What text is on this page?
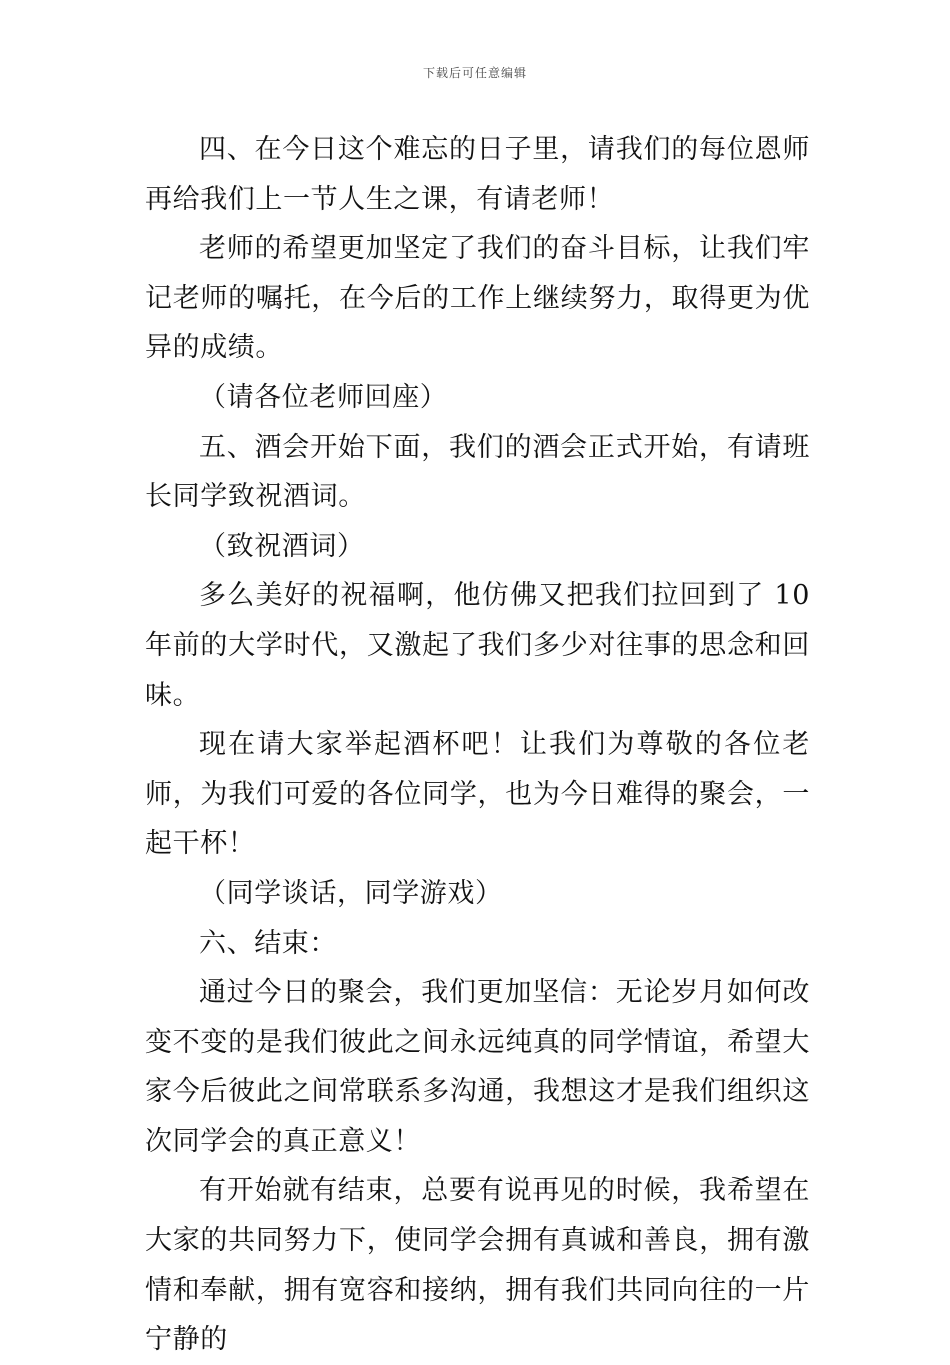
下载后可任意编辑

四、在今日这个难忘的日子里，请我们的每位恩师再给我们上一节人生之课，有请老师！

老师的希望更加坚定了我们的奋斗目标，让我们牢记老师的嘱托，在今后的工作上继续努力，取得更为优异的成绩。

（请各位老师回座）

五、酒会开始下面，我们的酒会正式开始，有请班长同学致祝酒词。

（致祝酒词）

多么美好的祝福啊，他仿佛又把我们拉回到了 10 年前的大学时代，又激起了我们多少对往事的思念和回味。

现在请大家举起酒杯吧！让我们为尊敬的各位老师，为我们可爱的各位同学，也为今日难得的聚会，一起干杯！

（同学谈话，同学游戏）

六、结束：

通过今日的聚会，我们更加坚信：无论岁月如何改变不变的是我们彼此之间永远纯真的同学情谊，希望大家今后彼此之间常联系多沟通，我想这才是我们组织这次同学会的真正意义！

有开始就有结束，总要有说再见的时候，我希望在大家的共同努力下，使同学会拥有真诚和善良，拥有激情和奉献，拥有宽容和接纳，拥有我们共同向往的一片宁静的
